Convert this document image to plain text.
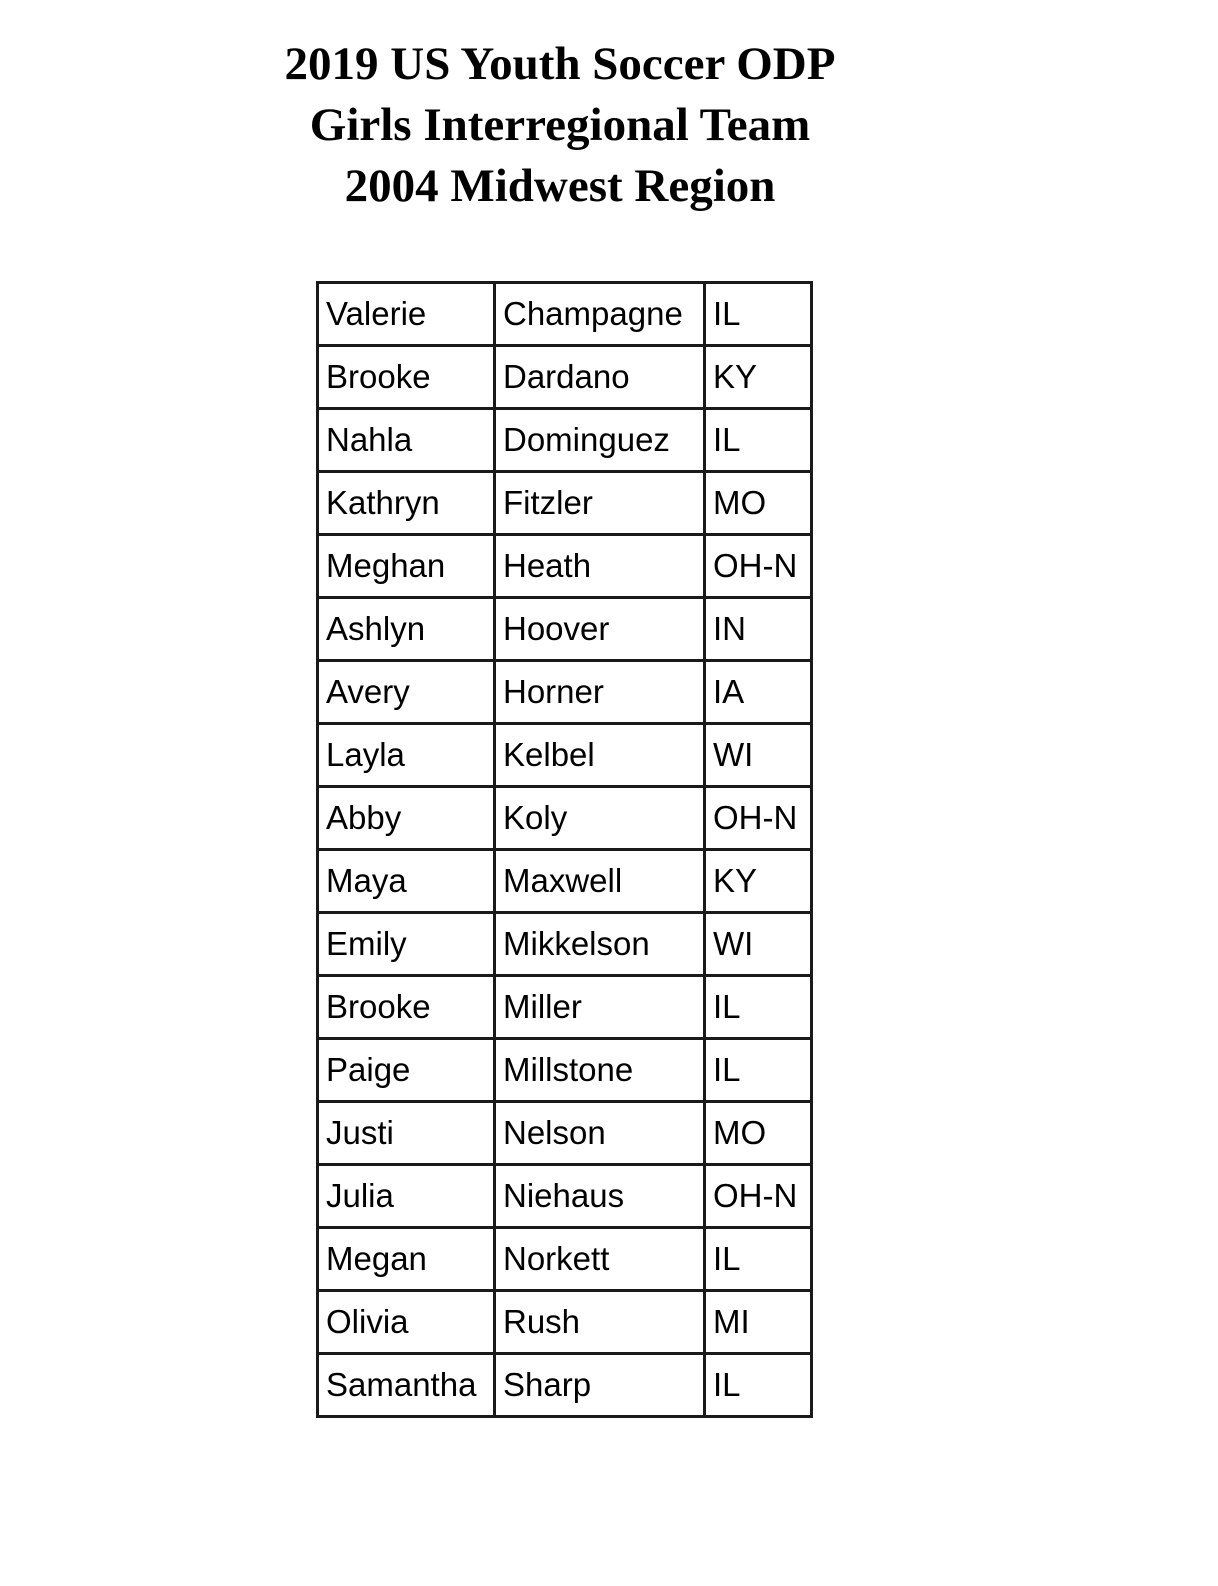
2019 US Youth Soccer ODP
Girls Interregional Team
2004 Midwest Region
Valerie	Champagne	IL
Brooke	Dardano	KY
Nahla	Dominguez	IL
Kathryn	Fitzler	MO
Meghan	Heath	OH-N
Ashlyn	Hoover	IN
Avery	Horner	IA
Layla	Kelbel	WI
Abby	Koly	OH-N
Maya	Maxwell	KY
Emily	Mikkelson	WI
Brooke	Miller	IL
Paige	Millstone	IL
Justi	Nelson	MO
Julia	Niehaus	OH-N
Megan	Norkett	IL
Olivia	Rush	MI
Samantha	Sharp	IL
